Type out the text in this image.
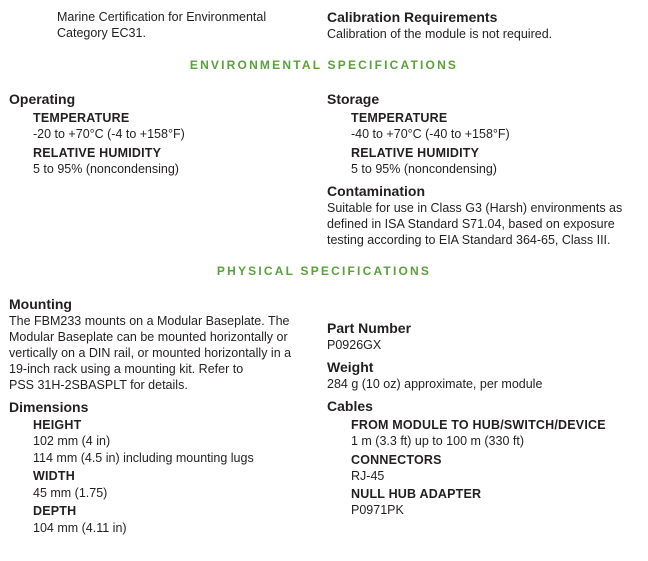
Marine Certification for Environmental
Category EC31.
Calibration Requirements
Calibration of the module is not required.
ENVIRONMENTAL SPECIFICATIONS
Operating
TEMPERATURE
-20 to +70°C (-4 to +158°F)
RELATIVE HUMIDITY
5 to 95% (noncondensing)
Storage
TEMPERATURE
-40 to +70°C (-40 to +158°F)
RELATIVE HUMIDITY
5 to 95% (noncondensing)
Contamination
Suitable for use in Class G3 (Harsh) environments as
defined in ISA Standard S71.04, based on exposure
testing according to EIA Standard 364-65, Class III.
PHYSICAL SPECIFICATIONS
Mounting
The FBM233 mounts on a Modular Baseplate. The
Modular Baseplate can be mounted horizontally or
vertically on a DIN rail, or mounted horizontally in a
19-inch rack using a mounting kit. Refer to
PSS 31H-2SBASPLT for details.
Dimensions
HEIGHT
102 mm (4 in)
114 mm (4.5 in) including mounting lugs
WIDTH
45 mm (1.75)
DEPTH
104 mm (4.11 in)
Part Number
P0926GX
Weight
284 g (10 oz) approximate, per module
Cables
FROM MODULE TO HUB/SWITCH/DEVICE
1 m (3.3 ft) up to 100 m (330 ft)
CONNECTORS
RJ-45
NULL HUB ADAPTER
P0971PK
